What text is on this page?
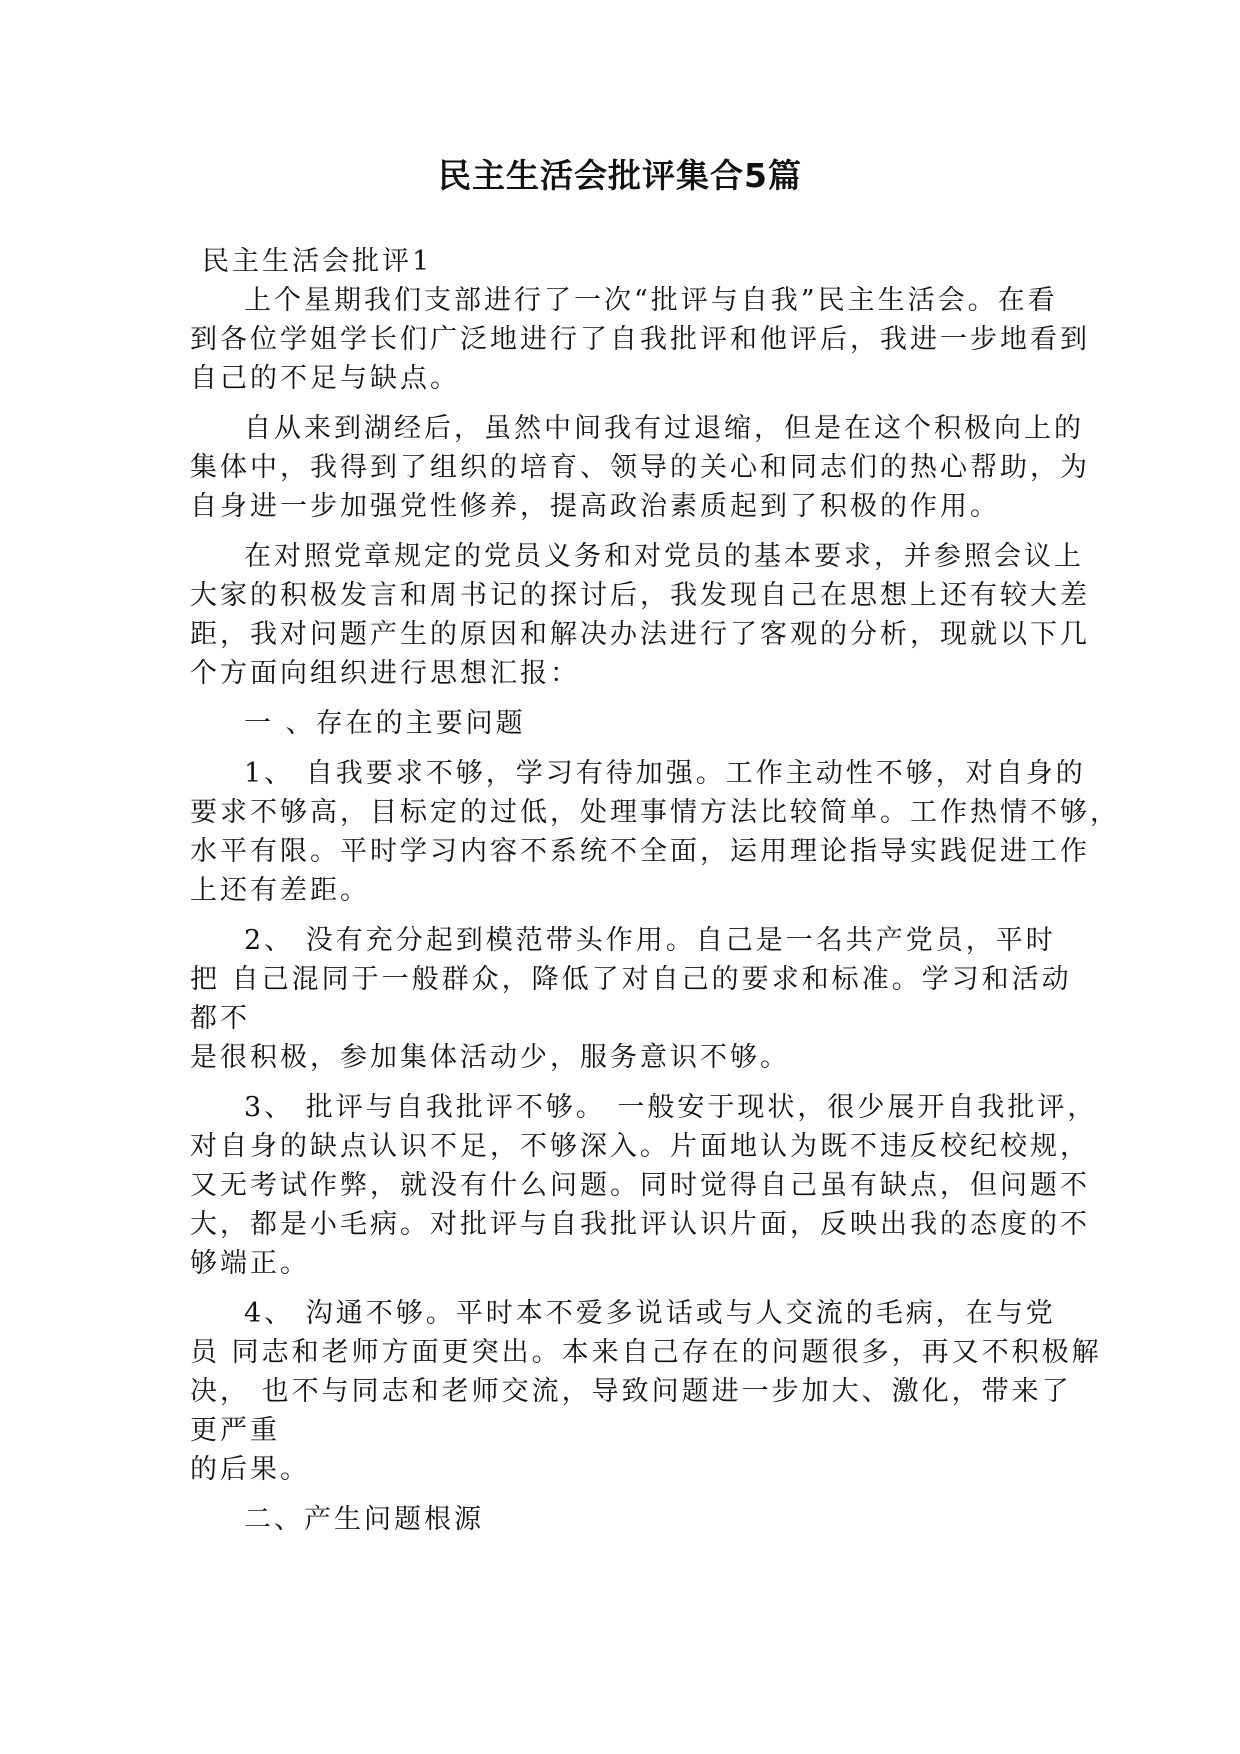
民主生活会批评集合5篇

民主生活会批评1

上个星期我们支部进行了一次“批评与自我”民主生活会。在看

到各位学姐学长们广泛地进行了自我批评和他评后，我进一步地看到

自己的不足与缺点。

自从来到湖经后，虽然中间我有过退缩，但是在这个积极向上的

集体中，我得到了组织的培育、领导的关心和同志们的热心帮助，为

自身进一步加强党性修养，提高政治素质起到了积极的作用。

在对照党章规定的党员义务和对党员的基本要求，并参照会议上

大家的积极发言和周书记的探讨后，我发现自己在思想上还有较大差

距，我对问题产生的原因和解决办法进行了客观的分析，现就以下几

个方面向组织进行思想汇报：

一 、存在的主要问题

1、 自我要求不够，学习有待加强。工作主动性不够，对自身的

要求不够高，目标定的过低，处理事情方法比较简单。工作热情不够，

水平有限。平时学习内容不系统不全面，运用理论指导实践促进工作

上还有差距。

2、 没有充分起到模范带头作用。自己是一名共产党员，平时

把 自己混同于一般群众，降低了对自己的要求和标准。学习和活动

都不

是很积极，参加集体活动少，服务意识不够。

3、 批评与自我批评不够。 一般安于现状，很少展开自我批评，

对自身的缺点认识不足，不够深入。片面地认为既不违反校纪校规，

又无考试作弊，就没有什么问题。同时觉得自己虽有缺点，但问题不

大，都是小毛病。对批评与自我批评认识片面，反映出我的态度的不

够端正。

4、 沟通不够。平时本不爱多说话或与人交流的毛病，在与党

员 同志和老师方面更突出。本来自己存在的问题很多，再又不积极解

决， 也不与同志和老师交流，导致问题进一步加大、激化，带来了

更严重

的后果。

二、产生问题根源
